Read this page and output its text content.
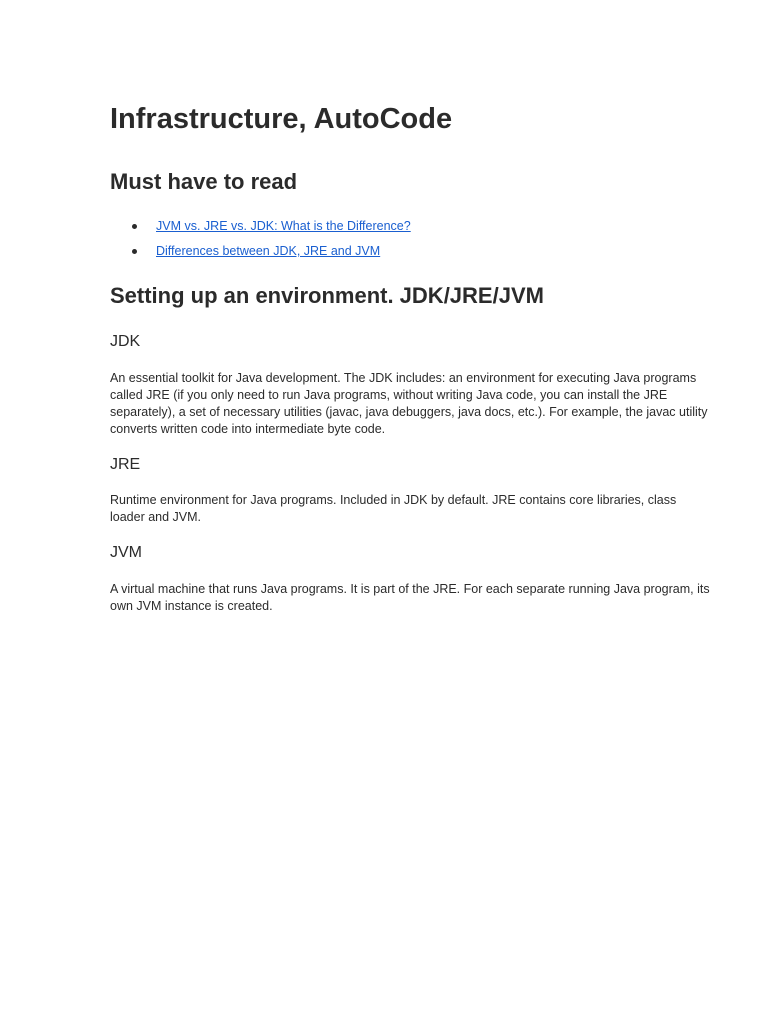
Infrastructure, AutoCode
Must have to read
JVM vs. JRE vs. JDK: What is the Difference?
Differences between JDK, JRE and JVM
Setting up an environment. JDK/JRE/JVM
JDK

An essential toolkit for Java development. The JDK includes: an environment for executing Java programs called JRE (if you only need to run Java programs, without writing Java code, you can install the JRE separately), a set of necessary utilities (javac, java debuggers, java docs, etc.). For example, the javac utility converts written code into intermediate byte code.

JRE

Runtime environment for Java programs. Included in JDK by default. JRE contains core libraries, class loader and JVM.

JVM

A virtual machine that runs Java programs. It is part of the JRE. For each separate running Java program, its own JVM instance is created.
